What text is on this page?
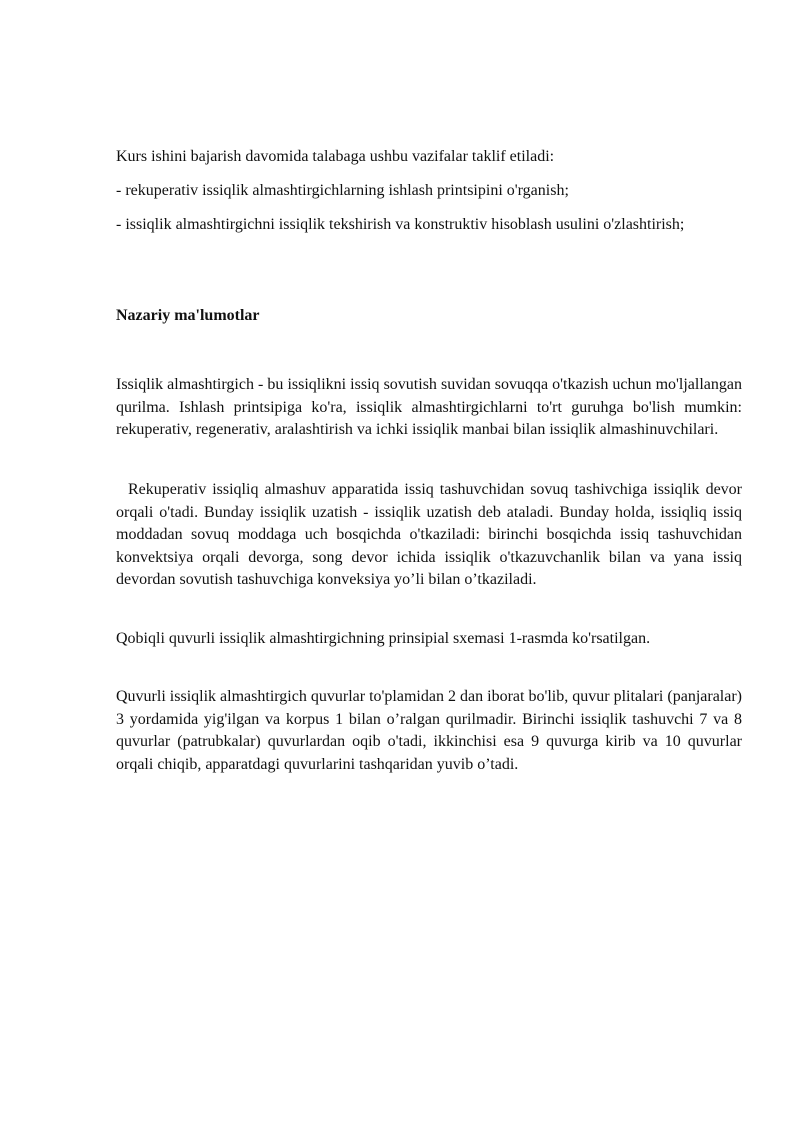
Kurs ishini bajarish davomida talabaga ushbu vazifalar taklif etiladi:

- rekuperativ issiqlik almashtirgichlarning ishlash printsipini o'rganish;

- issiqlik almashtirgichni issiqlik tekshirish va konstruktiv hisoblash usulini o'zlashtirish;

Nazariy ma'lumotlar

Issiqlik almashtirgich - bu issiqlikni issiq sovutish suvidan sovuqqa o'tkazish uchun mo'ljallangan qurilma. Ishlash printsipiga ko'ra, issiqlik almashtirgichlarni to'rt guruhga bo'lish mumkin: rekuperativ, regenerativ, aralashtirish va ichki issiqlik manbai bilan issiqlik almashinuvchilari.

Rekuperativ issiqliq almashuv apparatida issiq tashuvchidan sovuq tashivchiga issiqlik devor orqali o'tadi. Bunday issiqlik uzatish - issiqlik uzatish deb ataladi. Bunday holda, issiqliq issiq moddadan sovuq moddaga uch bosqichda o'tkaziladi: birinchi bosqichda issiq tashuvchidan konvektsiya orqali devorga, song devor ichida issiqlik o'tkazuvchanlik bilan va yana issiq devordan sovutish tashuvchiga konveksiya yo’li bilan o’tkaziladi.

Qobiqli quvurli issiqlik almashtirgichning prinsipial sxemasi 1-rasmda ko'rsatilgan.

Quvurli issiqlik almashtirgich quvurlar to'plamidan 2 dan iborat bo'lib, quvur plitalari (panjaralar) 3 yordamida yig'ilgan va korpus 1 bilan o’ralgan qurilmadir. Birinchi issiqlik tashuvchi 7 va 8 quvurlar (patrubkalar) quvurlardan oqib o'tadi, ikkinchisi esa 9 quvurga kirib va 10 quvurlar orqali chiqib, apparatdagi quvurlarini tashqaridan yuvib o’tadi.
